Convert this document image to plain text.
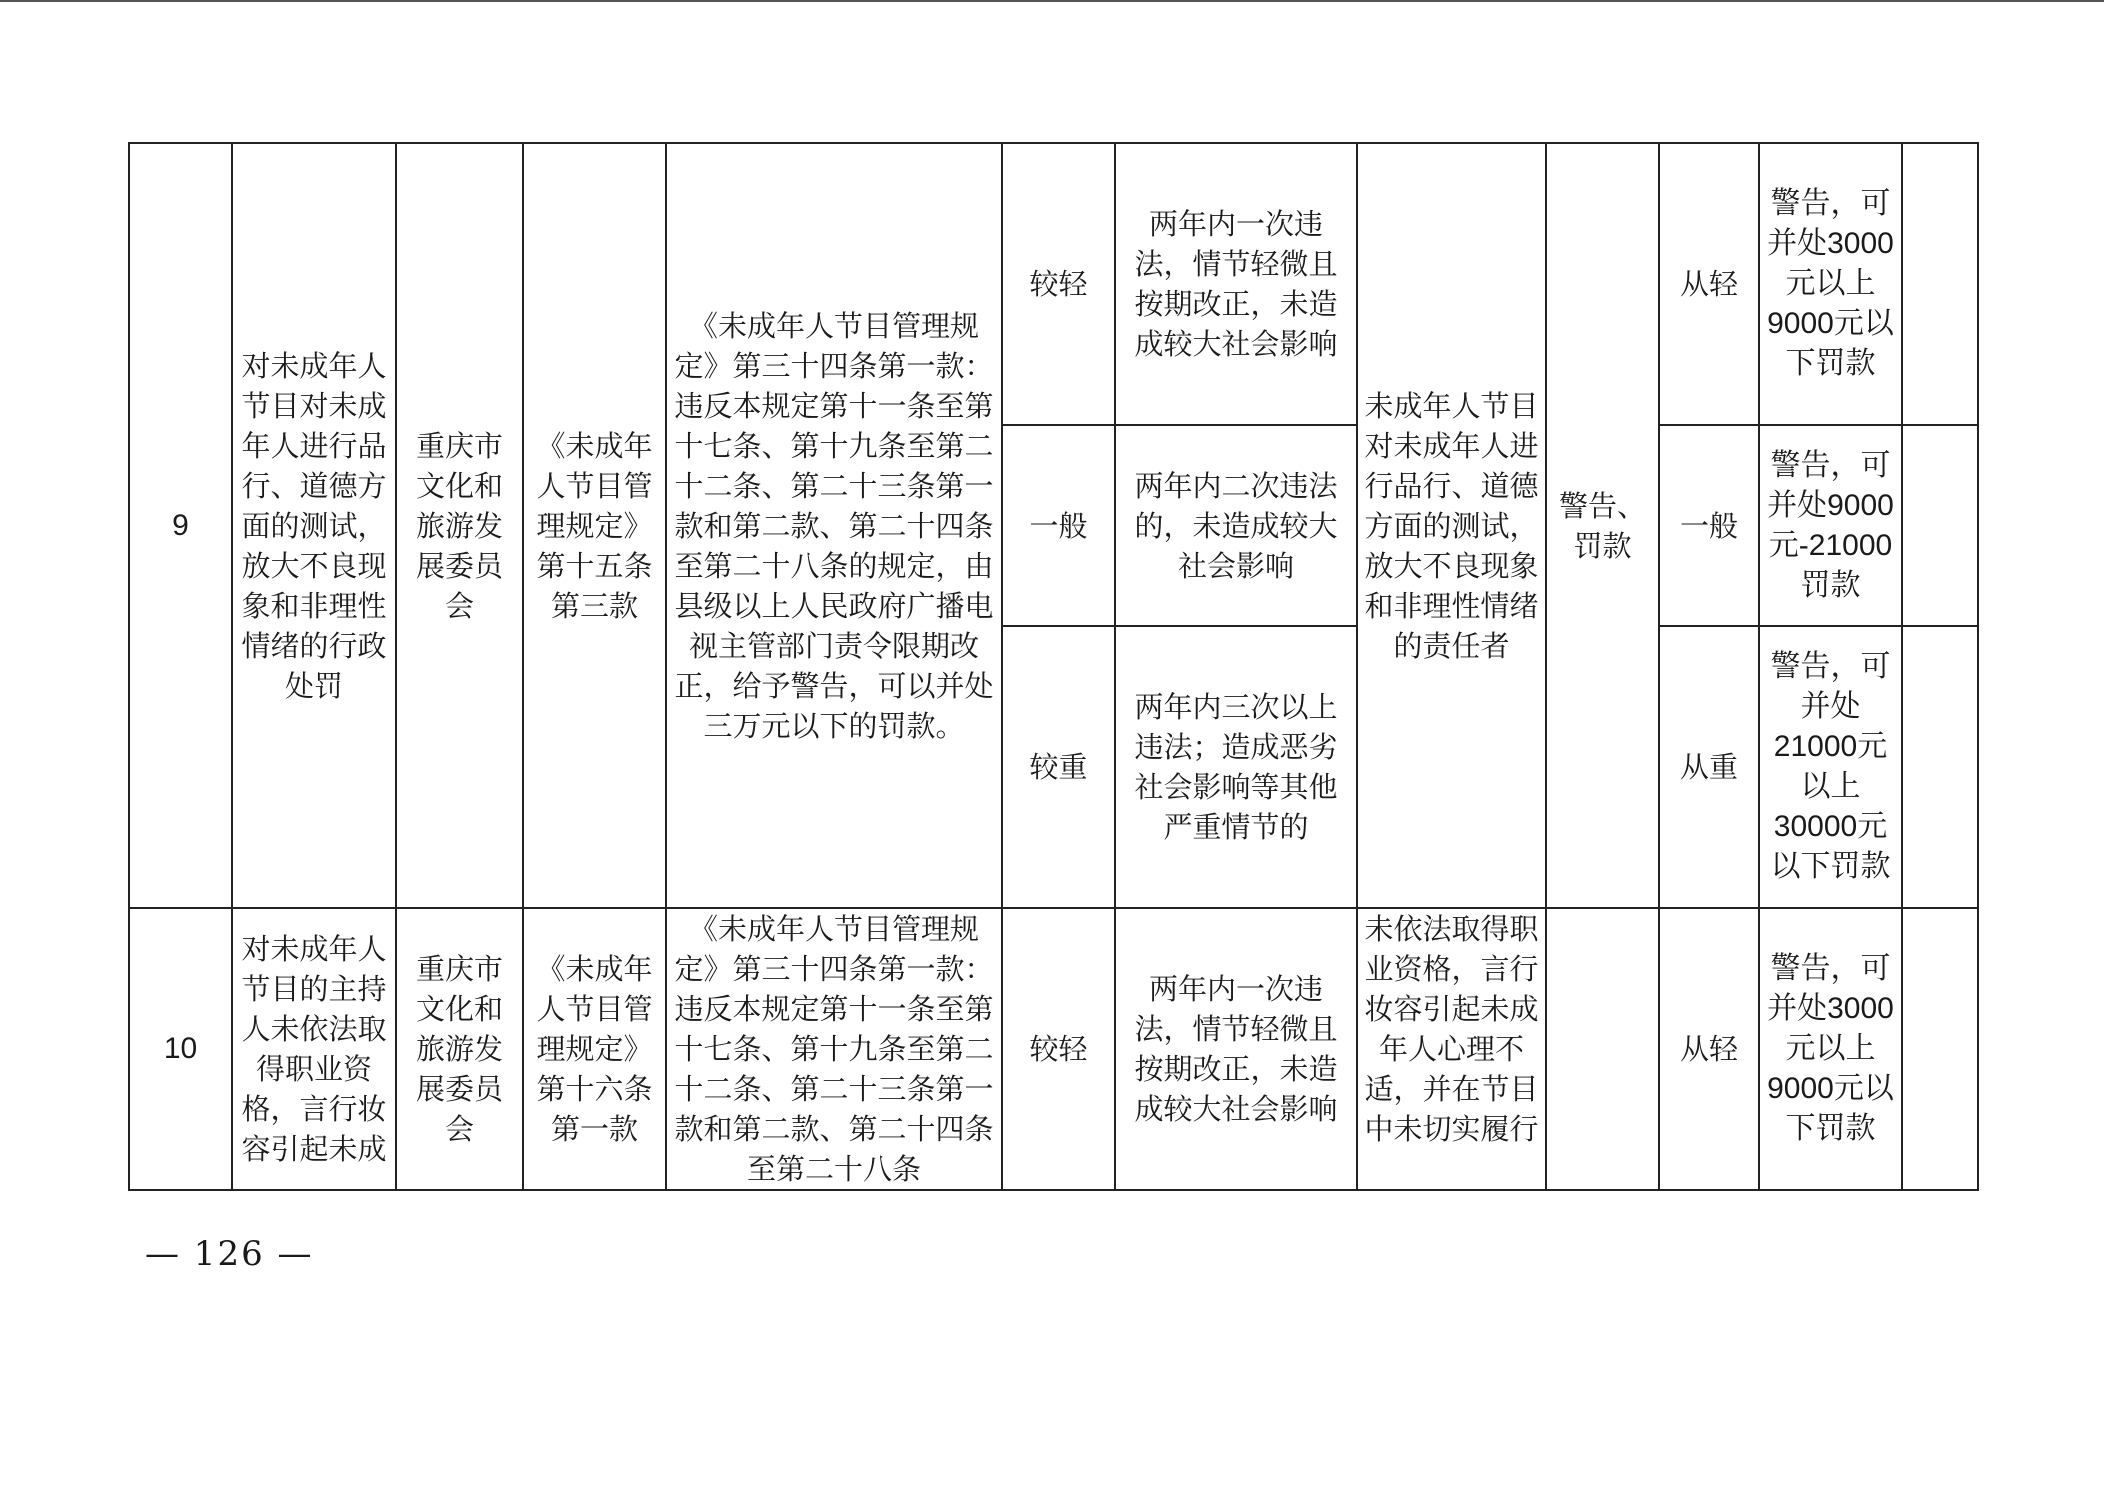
9	对未成年人节目对未成年人进行品行、道德方面的测试，放大不良现象和非理性情绪的行政处罚	重庆市文化和旅游发展委员会	《未成年人节目管理规定》第十五条第三款	《未成年人节目管理规定》第三十四条第一款：违反本规定第十一条至第十七条、第十九条至第二十二条、第二十三条第一款和第二款、第二十四条至第二十八条的规定，由县级以上人民政府广播电视主管部门责令限期改正，给予警告，可以并处三万元以下的罚款。	较轻	两年内一次违法，情节轻微且按期改正，未造成较大社会影响	未成年人节目对未成年人进行品行、道德方面的测试，放大不良现象和非理性情绪的责任者	警告、罚款	从轻	警告，可并处3000元以上9000元以下罚款	
					一般	两年内二次违法的，未造成较大社会影响			一般	警告，可并处9000元-21000罚款	
					较重	两年内三次以上违法；造成恶劣社会影响等其他严重情节的			从重	警告，可并处21000元以上30000元以下罚款	
10	对未成年人节目的主持人未依法取得职业资格，言行妆容引起未成	重庆市文化和旅游发展委员会	《未成年人节目管理规定》第十六条第一款	《未成年人节目管理规定》第三十四条第一款：违反本规定第十一条至第十七条、第十九条至第二十二条、第二十三条第一款和第二款、第二十四条至第二十八条	较轻	两年内一次违法，情节轻微且按期改正，未造成较大社会影响	未依法取得职业资格，言行妆容引起未成年人心理不适，并在节目中未切实履行		从轻	警告，可并处3000元以上9000元以下罚款	
— 126 —
